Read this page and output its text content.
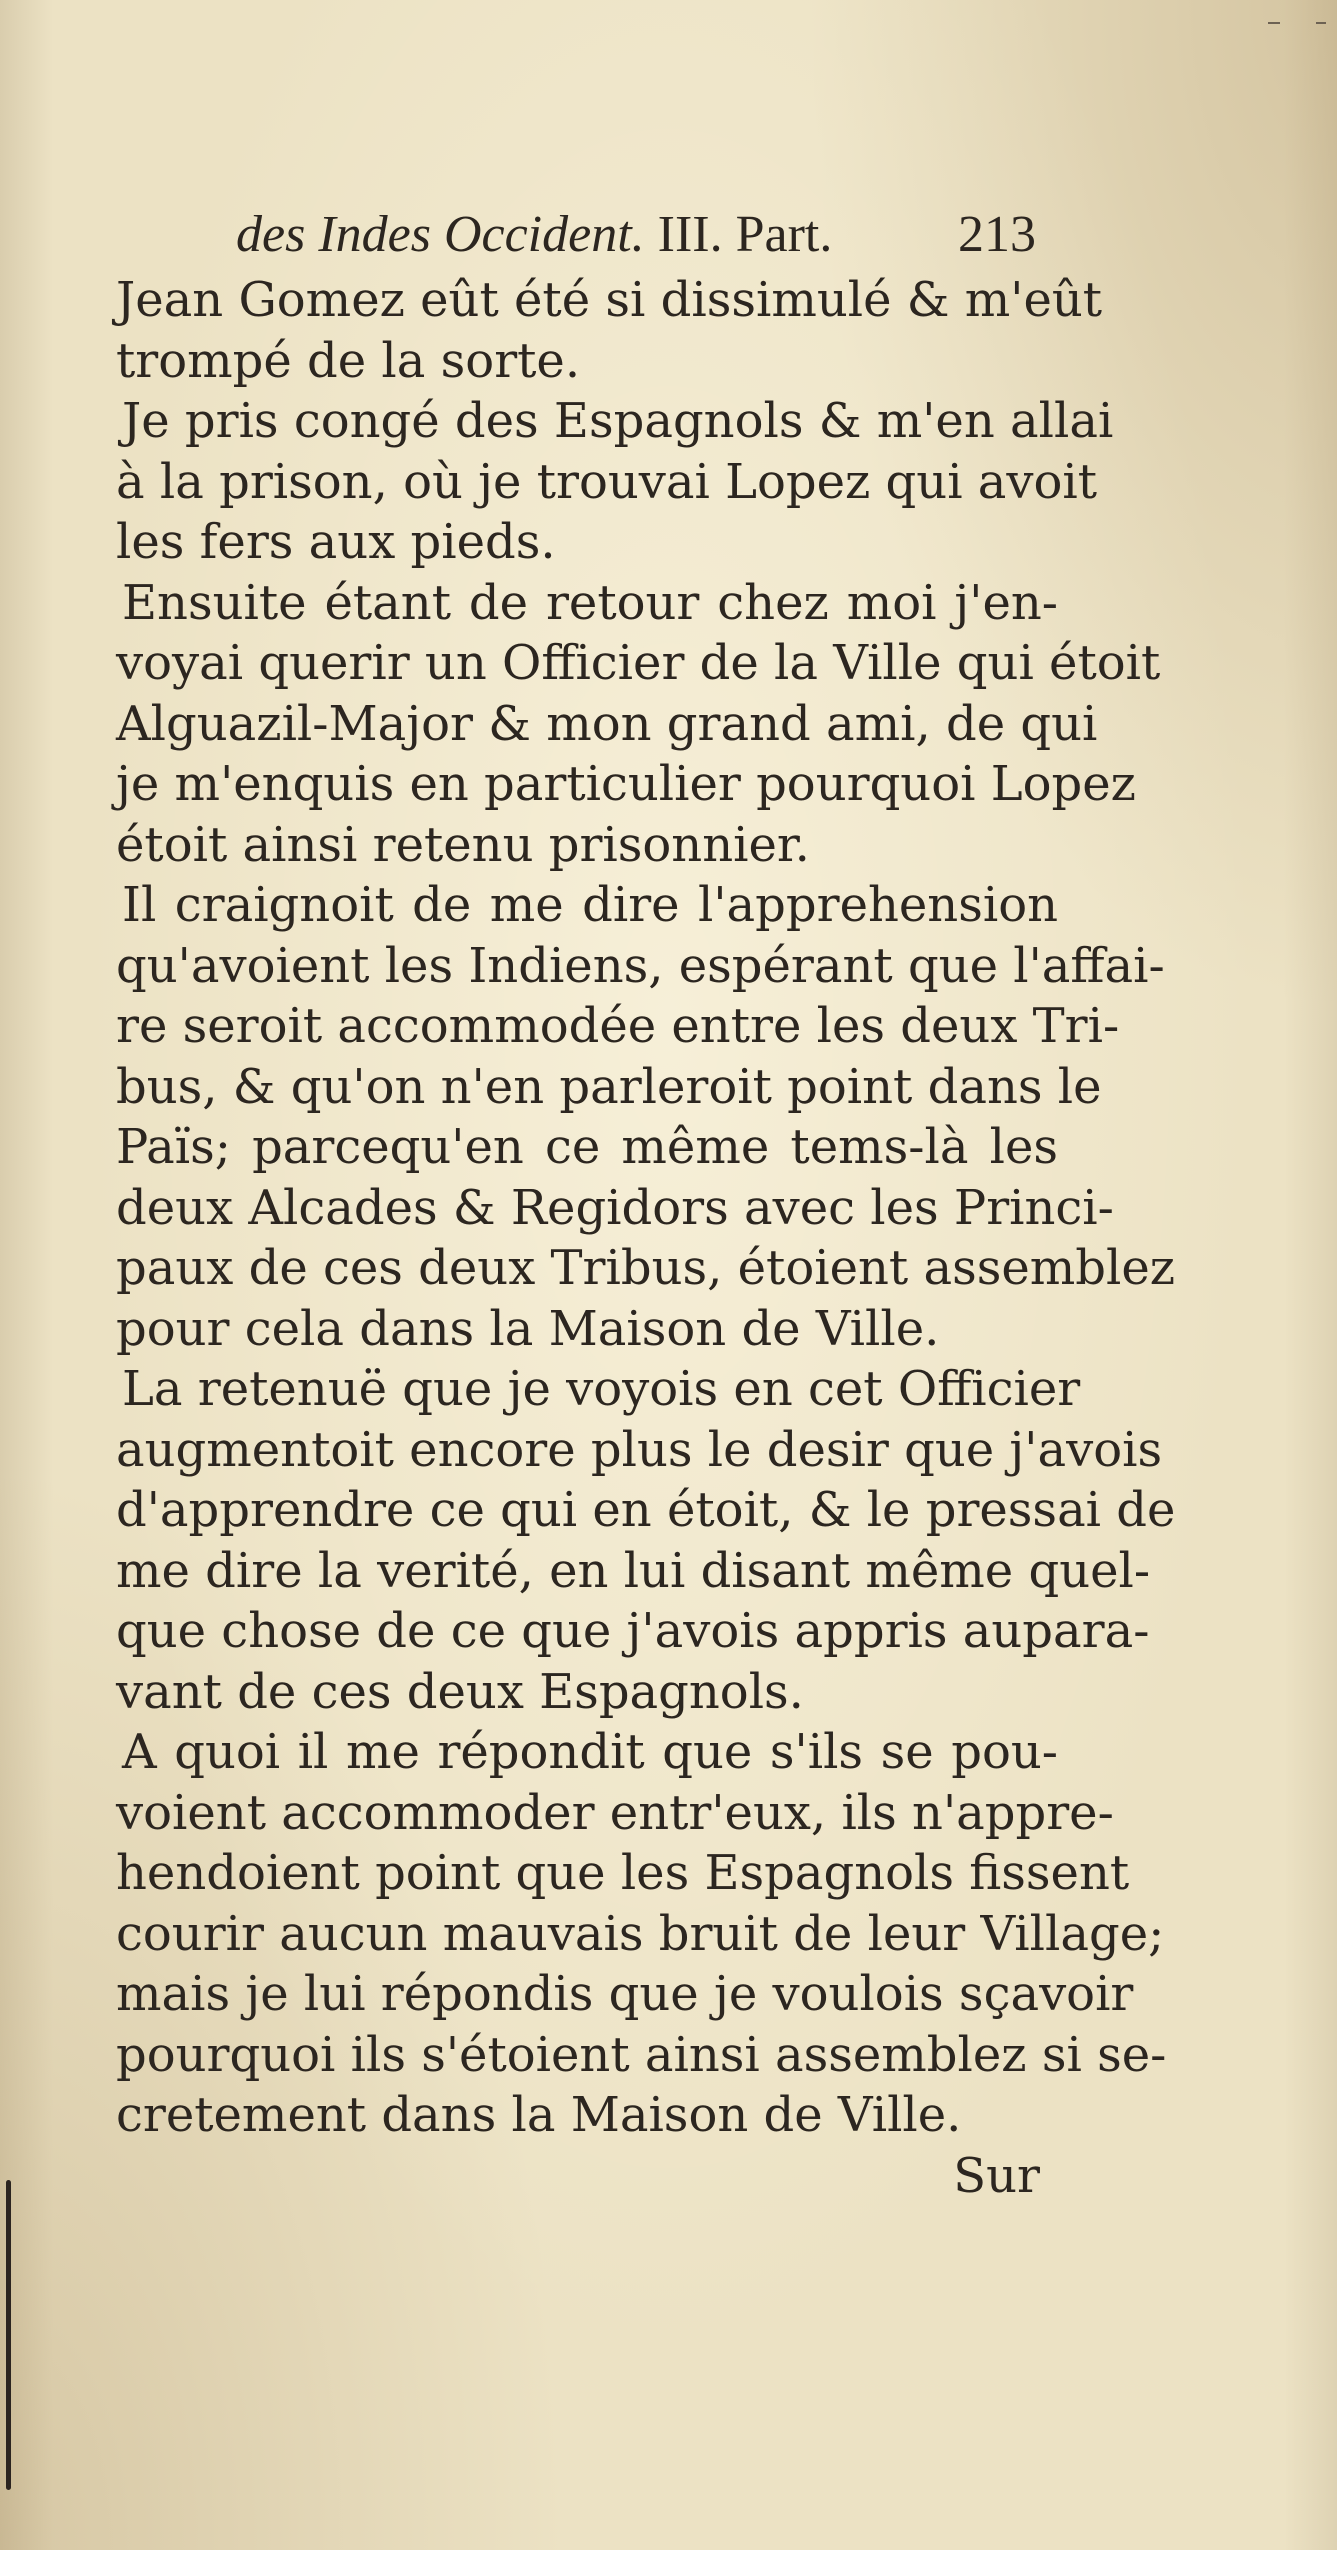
des Indes Occident. III. Part. 213
Jean Gomez eût été si dissimulé & m'eût
trompé de la sorte.
Je pris congé des Espagnols & m'en allai
à la prison, où je trouvai Lopez qui avoit
les fers aux pieds.
Ensuite étant de retour chez moi j'en-
voyai querir un Officier de la Ville qui étoit
Alguazil-Major & mon grand ami, de qui
je m'enquis en particulier pourquoi Lopez
étoit ainsi retenu prisonnier.
Il craignoit de me dire l'apprehension
qu'avoient les Indiens, espérant que l'affai-
re seroit accommodée entre les deux Tri-
bus, & qu'on n'en parleroit point dans le
Païs; parcequ'en ce même tems-là les
deux Alcades & Regidors avec les Princi-
paux de ces deux Tribus, étoient assemblez
pour cela dans la Maison de Ville.
La retenuë que je voyois en cet Officier
augmentoit encore plus le desir que j'avois
d'apprendre ce qui en étoit, & le pressai de
me dire la verité, en lui disant même quel-
que chose de ce que j'avois appris aupara-
vant de ces deux Espagnols.
A quoi il me répondit que s'ils se pou-
voient accommoder entr'eux, ils n'appre-
hendoient point que les Espagnols fissent
courir aucun mauvais bruit de leur Village;
mais je lui répondis que je voulois sçavoir
pourquoi ils s'étoient ainsi assemblez si se-
cretement dans la Maison de Ville.
Sur
